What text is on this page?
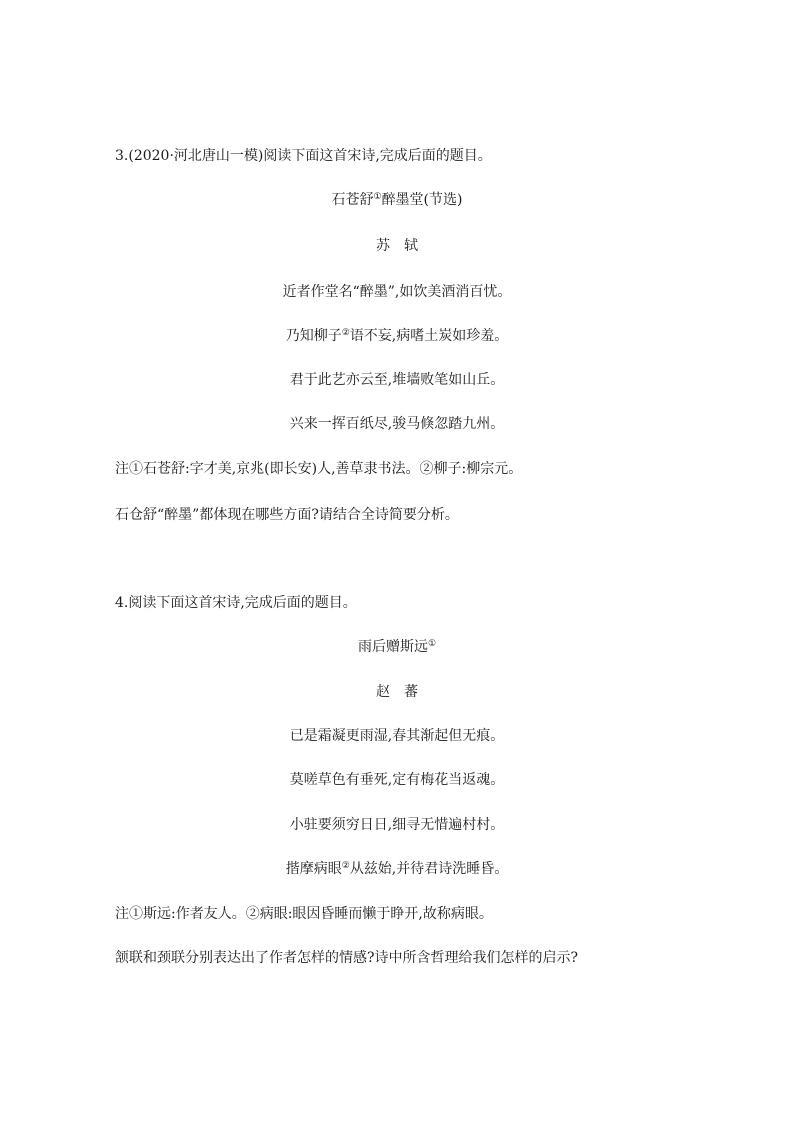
3.(2020·河北唐山一模)阅读下面这首宋诗,完成后面的题目。
石苍舒①醉墨堂(节选)
苏轼
近者作堂名“醉墨”,如饮美酒消百忧。
乃知柳子②语不妄,病嗜土炭如珍羞。
君于此艺亦云至,堆墙败笔如山丘。
兴来一挥百纸尽,骏马倏忽踏九州。
注①石苍舒:字才美,京兆(即长安)人,善草隶书法。②柳子:柳宗元。
石仓舒“醉墨”都体现在哪些方面?请结合全诗简要分析。
4.阅读下面这首宋诗,完成后面的题目。
雨后赠斯远①
赵蕃
已是霜凝更雨湿,春其渐起但无痕。
莫嗟草色有垂死,定有梅花当返魂。
小驻要须穷日日,细寻无惜遍村村。
揩摩病眼②从兹始,并待君诗洗睡昏。
注①斯远:作者友人。②病眼:眼因昏睡而懒于睁开,故称病眼。
颔联和颈联分别表达出了作者怎样的情感?诗中所含哲理给我们怎样的启示?
